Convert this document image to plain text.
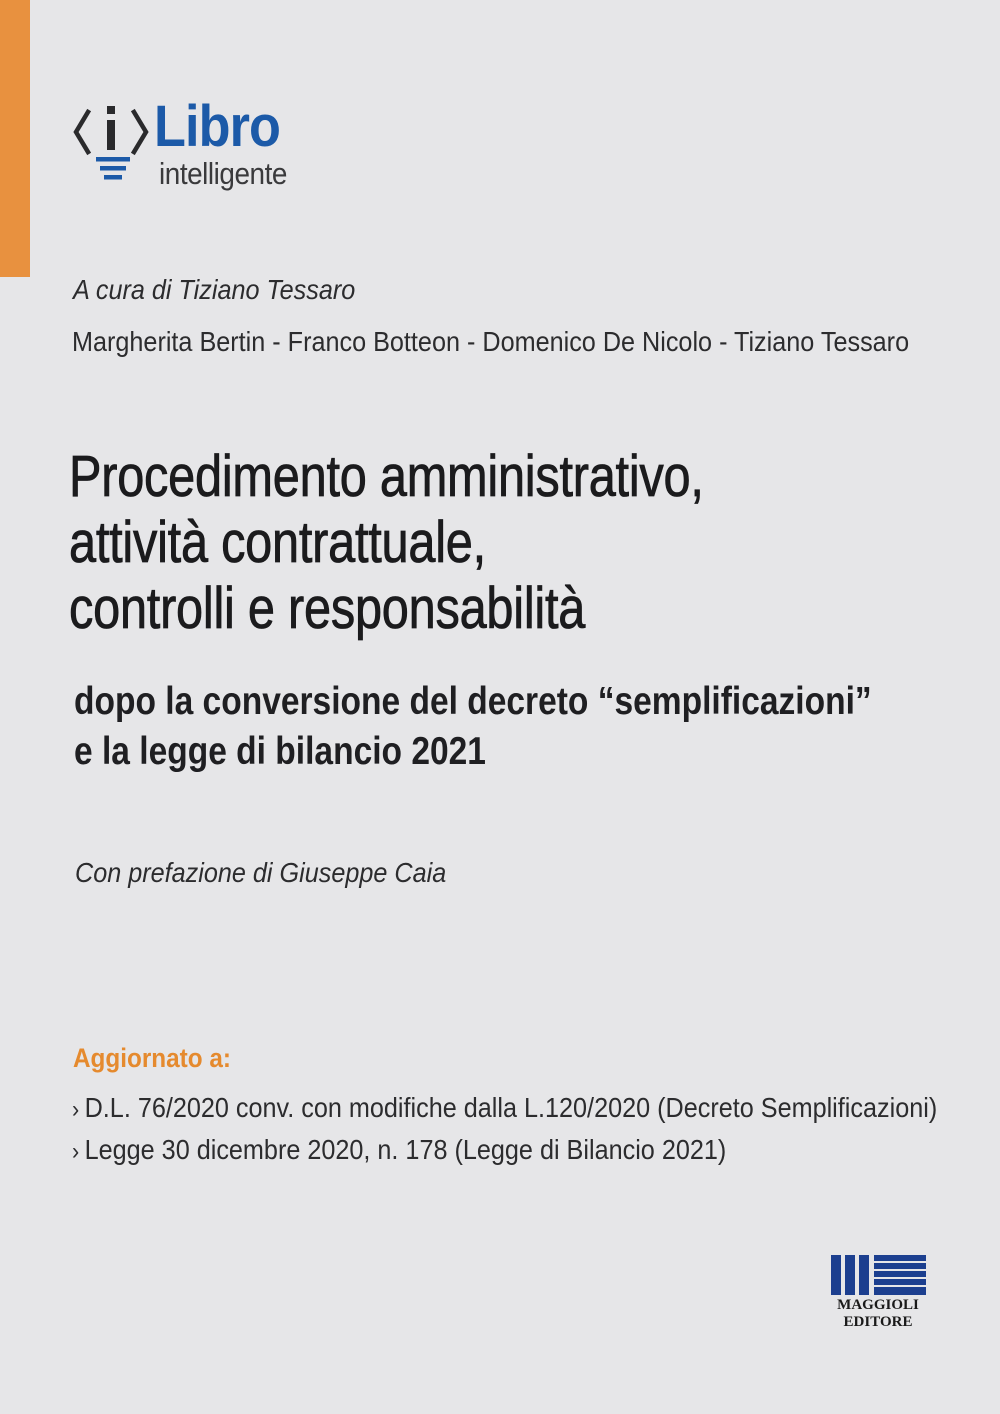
Libro
intelligente
A cura di Tiziano Tessaro
Margherita Bertin - Franco Botteon - Domenico De Nicolo - Tiziano Tessaro
Procedimento amministrativo,
attività contrattuale,
controlli e responsabilità
dopo la conversione del decreto “semplificazioni”
e la legge di bilancio 2021
Con prefazione di Giuseppe Caia
Aggiornato a:
› D.L. 76/2020 conv. con modifiche dalla L.120/2020 (Decreto Semplificazioni)
› Legge 30 dicembre 2020, n. 178 (Legge di Bilancio 2021)
MAGGIOLI
EDITORE
